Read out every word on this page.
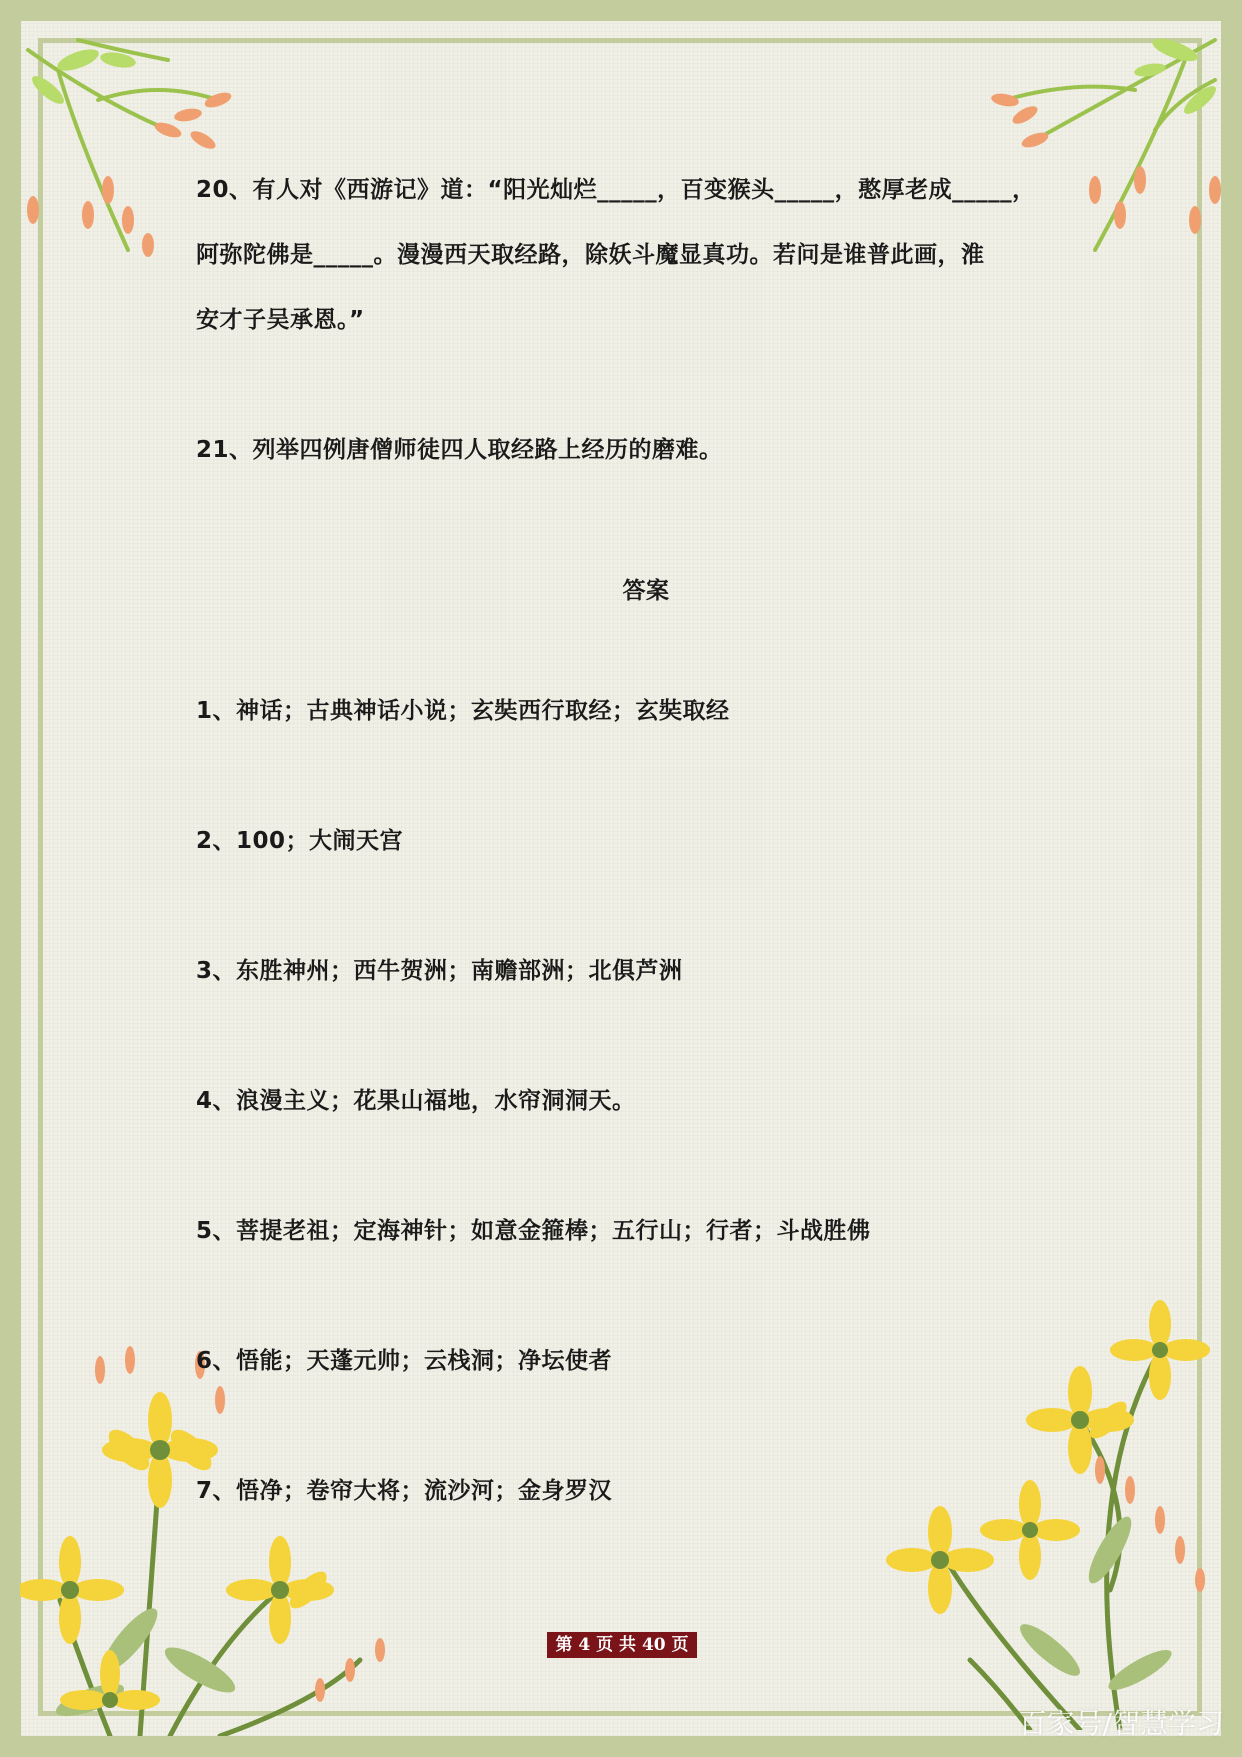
20、有人对《西游记》道：“阳光灿烂_____，百变猴头_____，憨厚老成_____，
阿弥陀佛是_____。漫漫西天取经路，除妖斗魔显真功。若问是谁普此画，淮
安才子吴承恩。”
21、列举四例唐僧师徒四人取经路上经历的磨难。
答案
1、神话；古典神话小说；玄奘西行取经；玄奘取经
2、100；大闹天宫
3、东胜神州；西牛贺洲；南赡部洲；北俱芦洲
4、浪漫主义；花果山福地，水帘洞洞天。
5、菩提老祖；定海神针；如意金箍棒；五行山；行者；斗战胜佛
6、悟能；天蓬元帅；云栈洞；净坛使者
7、悟净；卷帘大将；流沙河；金身罗汉
第 4 页 共 40 页
百家号/智慧学习
